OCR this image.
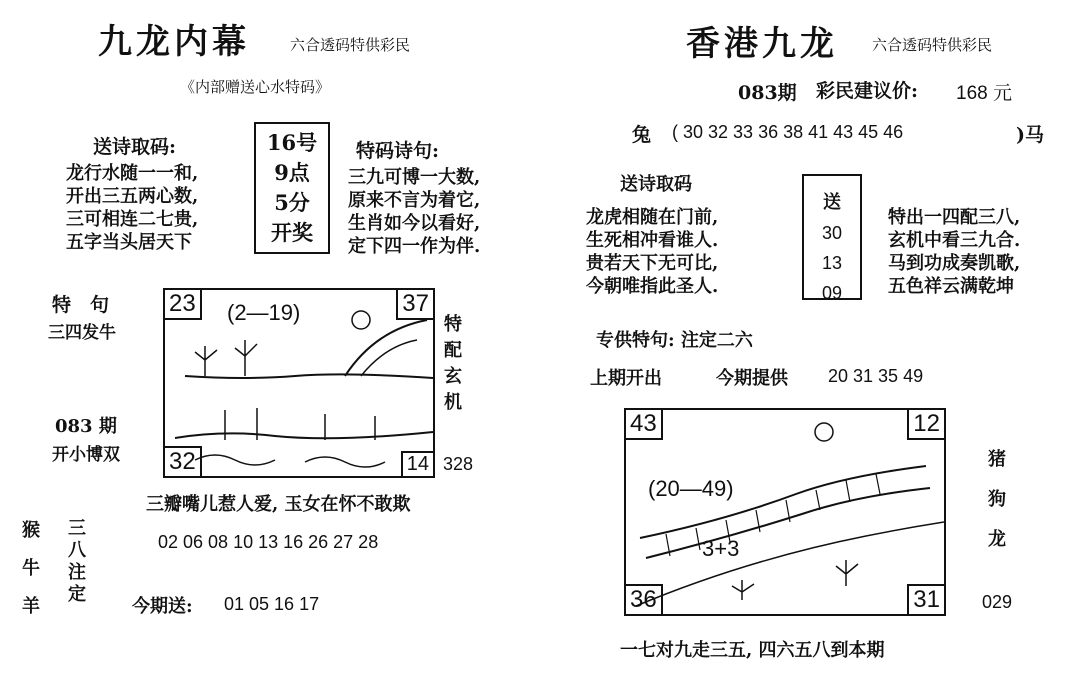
九龙内幕	六合透码特供彩民
《内部赠送心水特码》
送诗取码:
龙行水随一一和,
开出三五两心数,
三可相连二七贵,
五字当头居天下
16号
9点
5分
开奖
特码诗句:
三九可博一大数,
原来不言为着它,
生肖如今以看好,
定下四一作为伴.
特　句
三四发牛
083 期
开小博双
23	37
32	14
(2—19)	特配玄机
328
三瓣嘴儿惹人爱, 玉女在怀不敢欺
猴
牛
羊
三八注定
02 06 08 10 13 16 26 27 28
今期送: 01 05 16 17
香港九龙 六合透码特供彩民
083期 彩民建议价: 168 元
兔 ( 30 32 33 36 38 41 43 45 46	)马
送诗取码
龙虎相随在门前,
生死相冲看谁人.
贵若天下无可比,
今朝唯指此圣人.
送
30
13
09
特出一四配三八,
玄机中看三九合.
马到功成奏凯歌,
五色祥云满乾坤
专供特句: 注定二六
上期开出	今期提供 20 31 35 49
43	12
36	31
(20—49)
3+3
猪
狗
龙
029
一七对九走三五, 四六五八到本期
